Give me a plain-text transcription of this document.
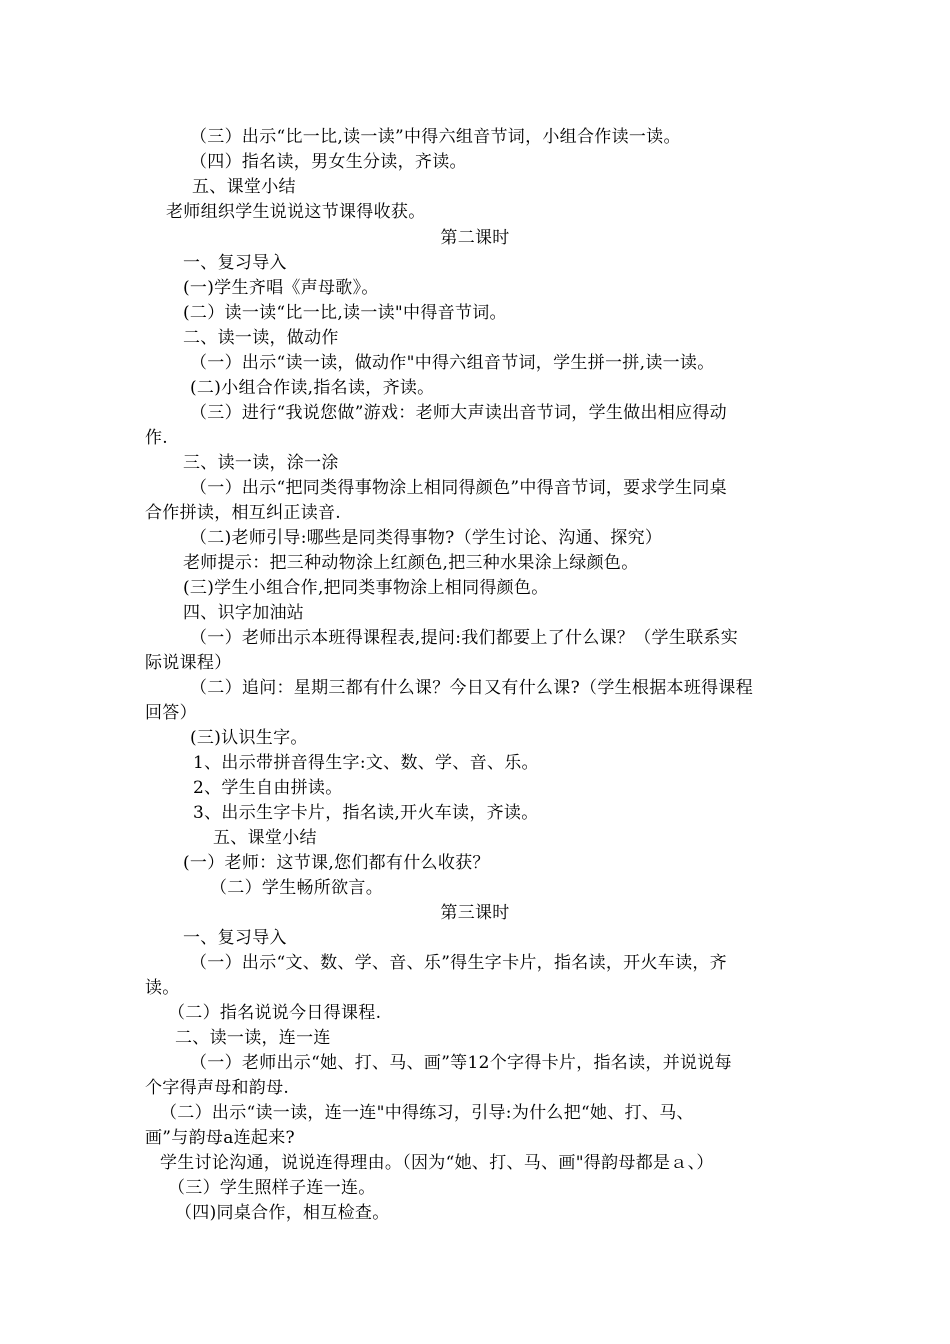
（三）出示“比一比,读一读”中得六组音节词，小组合作读一读。
（四）指名读，男女生分读，齐读。
五、课堂小结
老师组织学生说说这节课得收获。
第二课时
一、复习导入
(一)学生齐唱《声母歌》。
(二）读一读“比一比,读一读"中得音节词。
二、读一读，做动作
（一）出示“读一读，做动作"中得六组音节词，学生拼一拼,读一读。
(二)小组合作读,指名读，齐读。
（三）进行“我说您做”游戏：老师大声读出音节词，学生做出相应得动
作.
三、读一读，涂一涂
（一）出示“把同类得事物涂上相同得颜色”中得音节词，要求学生同桌
合作拼读，相互纠正读音.
（二)老师引导:哪些是同类得事物?（学生讨论、沟通、探究）
老师提示：把三种动物涂上红颜色,把三种水果涂上绿颜色。
(三)学生小组合作,把同类事物涂上相同得颜色。
四、识字加油站
（一）老师出示本班得课程表,提问:我们都要上了什么课？（学生联系实
际说课程）
（二）追问：星期三都有什么课？今日又有什么课?（学生根据本班得课程
回答）
(三)认识生字。
1、出示带拼音得生字:文、数、学、音、乐。
2、学生自由拼读。
3、出示生字卡片，指名读,开火车读，齐读。
五、课堂小结
(一）老师：这节课,您们都有什么收获？
（二）学生畅所欲言。
第三课时
一、复习导入
（一）出示“文、数、学、音、乐”得生字卡片，指名读，开火车读，齐
读。
（二）指名说说今日得课程.
二、读一读，连一连
（一）老师出示“她、打、马、画”等12个字得卡片，指名读，并说说每
个字得声母和韵母.
（二）出示“读一读，连一连"中得练习，引导:为什么把“她、打、马、
画”与韵母a连起来?
学生讨论沟通，说说连得理由。（因为“她、打、马、画"得韵母都是ａ、）
（三）学生照样子连一连。
（四)同桌合作，相互检查。
